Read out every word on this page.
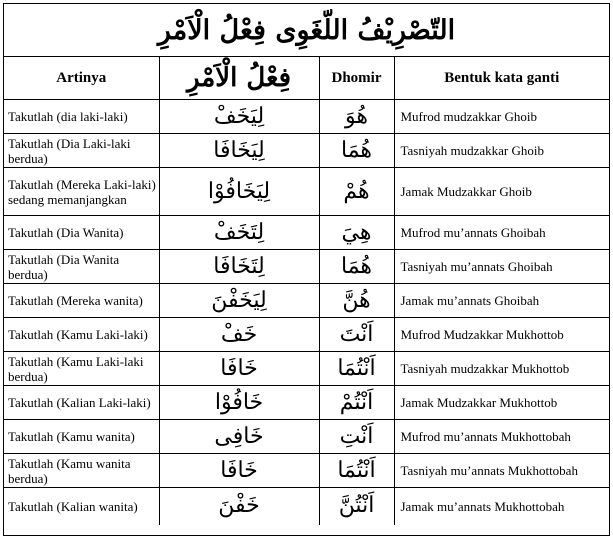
التّصْرِيْفُ اللّغَوِى فِعْلُ الْاَمْرِ
Artinya	فِعْلُ الْاَمْرِ	Dhomir	Bentuk kata ganti
Takutlah (dia laki-laki)	لِيَخَفْ	هُوَ	Mufrod mudzakkar Ghoib
Takutlah (Dia Laki-laki berdua)	لِيَخَافَا	هُمَا	Tasniyah mudzakkar Ghoib
Takutlah (Mereka Laki-laki) sedang memanjangkan	لِيَخَافُوْا	هُمْ	Jamak Mudzakkar Ghoib
Takutlah (Dia Wanita)	لِتَخَفْ	هِيَ	Mufrod mu’annats Ghoibah
Takutlah (Dia Wanita berdua)	لِتَخَافَا	هُمَا	Tasniyah mu’annats Ghoibah
Takutlah (Mereka wanita)	لِيَخَفْنَ	هُنَّ	Jamak mu’annats Ghoibah
Takutlah (Kamu Laki-laki)	خَفْ	اَنْتَ	Mufrod Mudzakkar Mukhottob
Takutlah (Kamu Laki-laki berdua)	خَافَا	اَنْتُمَا	Tasniyah mudzakkar Mukhottob
Takutlah (Kalian Laki-laki)	خَافُوْا	اَنْتُمْ	Jamak Mudzakkar Mukhottob
Takutlah (Kamu wanita)	خَافِى	اَنْتِ	Mufrod mu’annats Mukhottobah
Takutlah (Kamu wanita berdua)	خَافَا	اَنْتُمَا	Tasniyah mu’annats Mukhottobah
Takutlah (Kalian wanita)	خَفْنَ	اَنْتُنَّ	Jamak mu’annats Mukhottobah
